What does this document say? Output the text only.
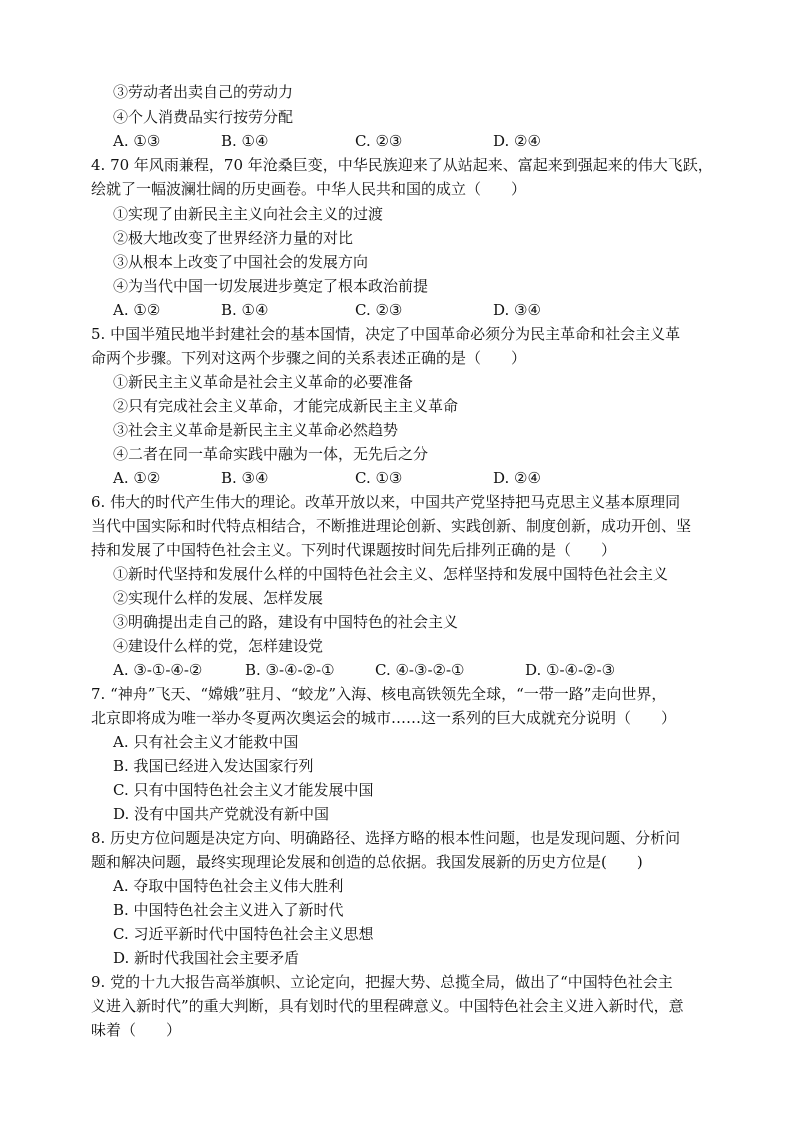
③劳动者出卖自己的劳动力
④个人消费品实行按劳分配
A. ①③	B. ①④	C. ②③	D. ②④
4. 70 年风雨兼程，70 年沧桑巨变，中华民族迎来了从站起来、富起来到强起来的伟大飞跃，
绘就了一幅波澜壮阔的历史画卷。中华人民共和国的成立（　　）
①实现了由新民主主义向社会主义的过渡
②极大地改变了世界经济力量的对比
③从根本上改变了中国社会的发展方向
④为当代中国一切发展进步奠定了根本政治前提
A. ①②	B. ①④	C. ②③	D. ③④
5. 中国半殖民地半封建社会的基本国情，决定了中国革命必须分为民主革命和社会主义革
命两个步骤。下列对这两个步骤之间的关系表述正确的是（　　）
①新民主主义革命是社会主义革命的必要准备
②只有完成社会主义革命，才能完成新民主主义革命
③社会主义革命是新民主主义革命必然趋势
④二者在同一革命实践中融为一体，无先后之分
A. ①②	B. ③④	C. ①③	D. ②④
6. 伟大的时代产生伟大的理论。改革开放以来，中国共产党坚持把马克思主义基本原理同
当代中国实际和时代特点相结合，不断推进理论创新、实践创新、制度创新，成功开创、坚
持和发展了中国特色社会主义。下列时代课题按时间先后排列正确的是（　　）
①新时代坚持和发展什么样的中国特色社会主义、怎样坚持和发展中国特色社会主义
②实现什么样的发展、怎样发展
③明确提出走自己的路，建设有中国特色的社会主义
④建设什么样的党，怎样建设党
A. ③-①-④-②	B. ③-④-②-①	C. ④-③-②-①	D. ①-④-②-③
7. “神舟”飞天、“嫦娥”驻月、“蛟龙”入海、核电高铁领先全球，“一带一路”走向世界，
北京即将成为唯一举办冬夏两次奥运会的城市……这一系列的巨大成就充分说明（　　）
A. 只有社会主义才能救中国
B. 我国已经进入发达国家行列
C. 只有中国特色社会主义才能发展中国
D. 没有中国共产党就没有新中国
8. 历史方位问题是决定方向、明确路径、选择方略的根本性问题，也是发现问题、分析问
题和解决问题，最终实现理论发展和创造的总依据。我国发展新的历史方位是(　　)
A. 夺取中国特色社会主义伟大胜利
B. 中国特色社会主义进入了新时代
C. 习近平新时代中国特色社会主义思想
D. 新时代我国社会主要矛盾
9. 党的十九大报告高举旗帜、立论定向，把握大势、总揽全局，做出了“中国特色社会主
义进入新时代”的重大判断，具有划时代的里程碑意义。中国特色社会主义进入新时代，意
味着（　　）
